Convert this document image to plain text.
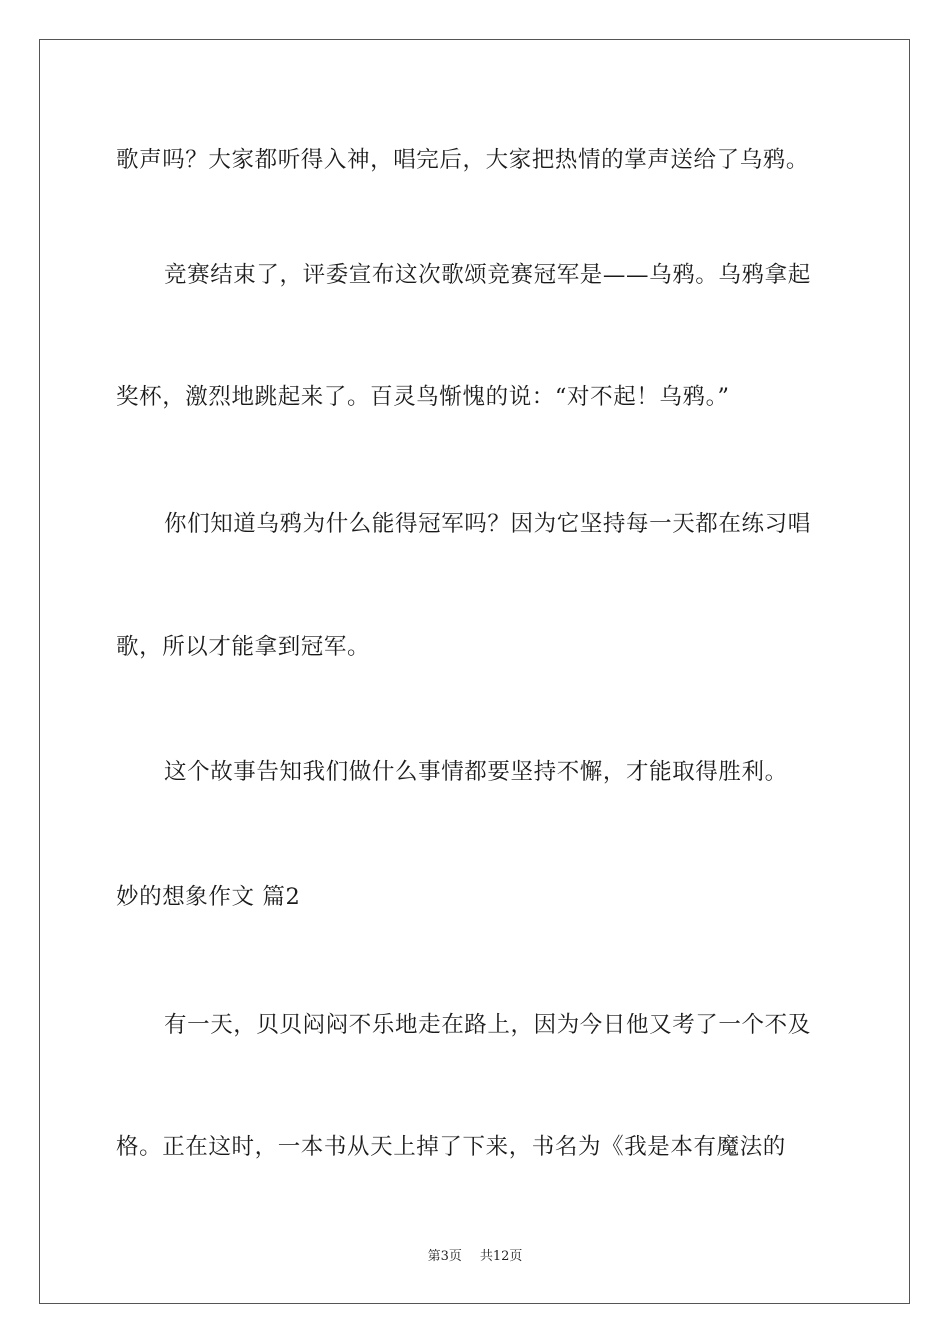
歌声吗？大家都听得入神，唱完后，大家把热情的掌声送给了乌鸦。
竞赛结束了，评委宣布这次歌颂竞赛冠军是——乌鸦。乌鸦拿起
奖杯，激烈地跳起来了。百灵鸟惭愧的说：“对不起！乌鸦。”
你们知道乌鸦为什么能得冠军吗？因为它坚持每一天都在练习唱
歌，所以才能拿到冠军。
这个故事告知我们做什么事情都要坚持不懈，才能取得胜利。
妙的想象作文 篇2
有一天，贝贝闷闷不乐地走在路上，因为今日他又考了一个不及
格。正在这时，一本书从天上掉了下来，书名为《我是本有魔法的
第3页 共12页
